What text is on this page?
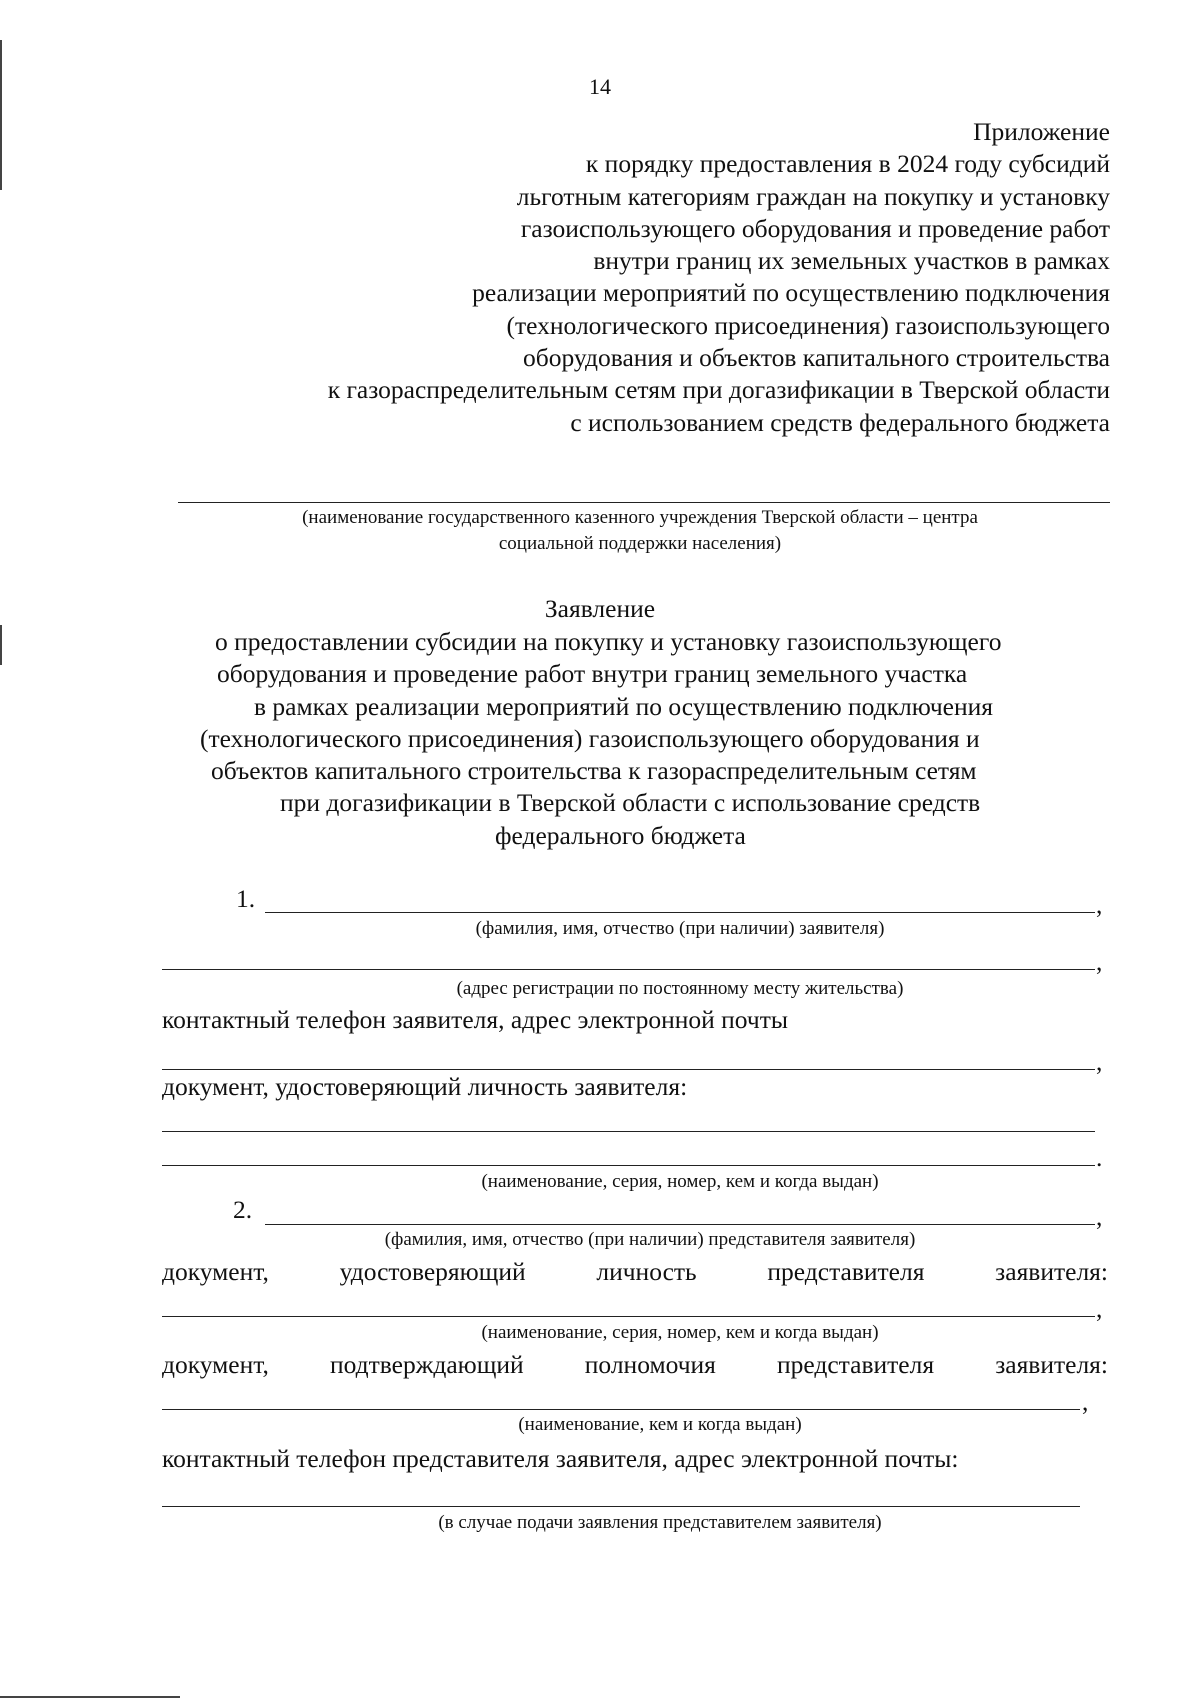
14
Приложение
к порядку предоставления в 2024 году субсидий
льготным категориям граждан на покупку и установку
газоиспользующего оборудования и проведение работ
внутри границ их земельных участков в рамках
реализации мероприятий по осуществлению подключения
(технологического присоединения) газоиспользующего
оборудования и объектов капитального строительства
к газораспределительным сетям при догазификации в Тверской области
с использованием средств федерального бюджета
(наименование государственного казенного учреждения Тверской области – центра
социальной поддержки населения)
Заявление
о предоставлении субсидии на покупку и установку газоиспользующего
оборудования и проведение работ внутри границ земельного участка
в рамках реализации мероприятий по осуществлению подключения
(технологического присоединения) газоиспользующего оборудования и
объектов капитального строительства к газораспределительным сетям
при догазификации в Тверской области с использование средств
федерального бюджета
1.	,
(фамилия, имя, отчество (при наличии) заявителя)
,
(адрес регистрации по постоянному месту жительства)
контактный телефон заявителя, адрес электронной почты
,
документ, удостоверяющий личность заявителя:
.
(наименование, серия, номер, кем и когда выдан)
2.	,
(фамилия, имя, отчество (при наличии) представителя заявителя)
документ,	удостоверяющий	личность	представителя	заявителя:
,
(наименование, серия, номер, кем и когда выдан)
документ, подтверждающий полномочия представителя заявителя:
,
(наименование, кем и когда выдан)
контактный телефон представителя заявителя, адрес электронной почты:
(в случае подачи заявления представителем заявителя)
